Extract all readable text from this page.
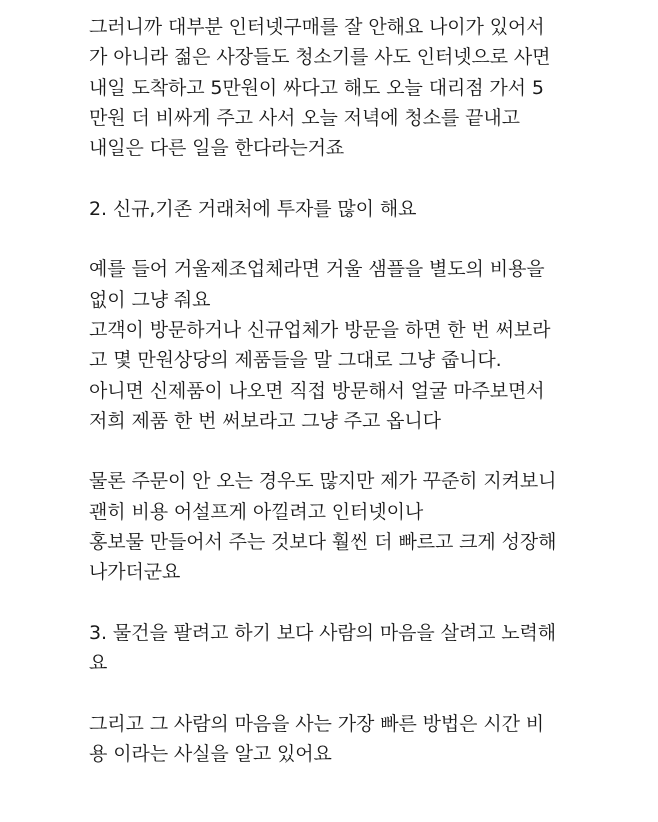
그러니까 대부분 인터넷구매를 잘 안해요 나이가 있어서
가 아니라 젊은 사장들도 청소기를 사도 인터넷으로 사면
내일 도착하고 5만원이 싸다고 해도 오늘 대리점 가서 5
만원 더 비싸게 주고 사서 오늘 저녁에 청소를 끝내고
내일은 다른 일을 한다라는거죠
2. 신규,기존 거래처에 투자를 많이 해요
예를 들어 거울제조업체라면 거울 샘플을 별도의 비용을
없이 그냥 줘요
고객이 방문하거나 신규업체가 방문을 하면 한 번 써보라
고 몇 만원상당의 제품들을 말 그대로 그냥 줍니다.
아니면 신제품이 나오면 직접 방문해서 얼굴 마주보면서
저희 제품 한 번 써보라고 그냥 주고 옵니다
물론 주문이 안 오는 경우도 많지만 제가 꾸준히 지켜보니
괜히 비용 어설프게 아낄려고 인터넷이나
홍보물 만들어서 주는 것보다 훨씬 더 빠르고 크게 성장해
나가더군요
3. 물건을 팔려고 하기 보다 사람의 마음을 살려고 노력해
요
그리고 그 사람의 마음을 사는 가장 빠른 방법은 시간 비
용 이라는 사실을 알고 있어요
